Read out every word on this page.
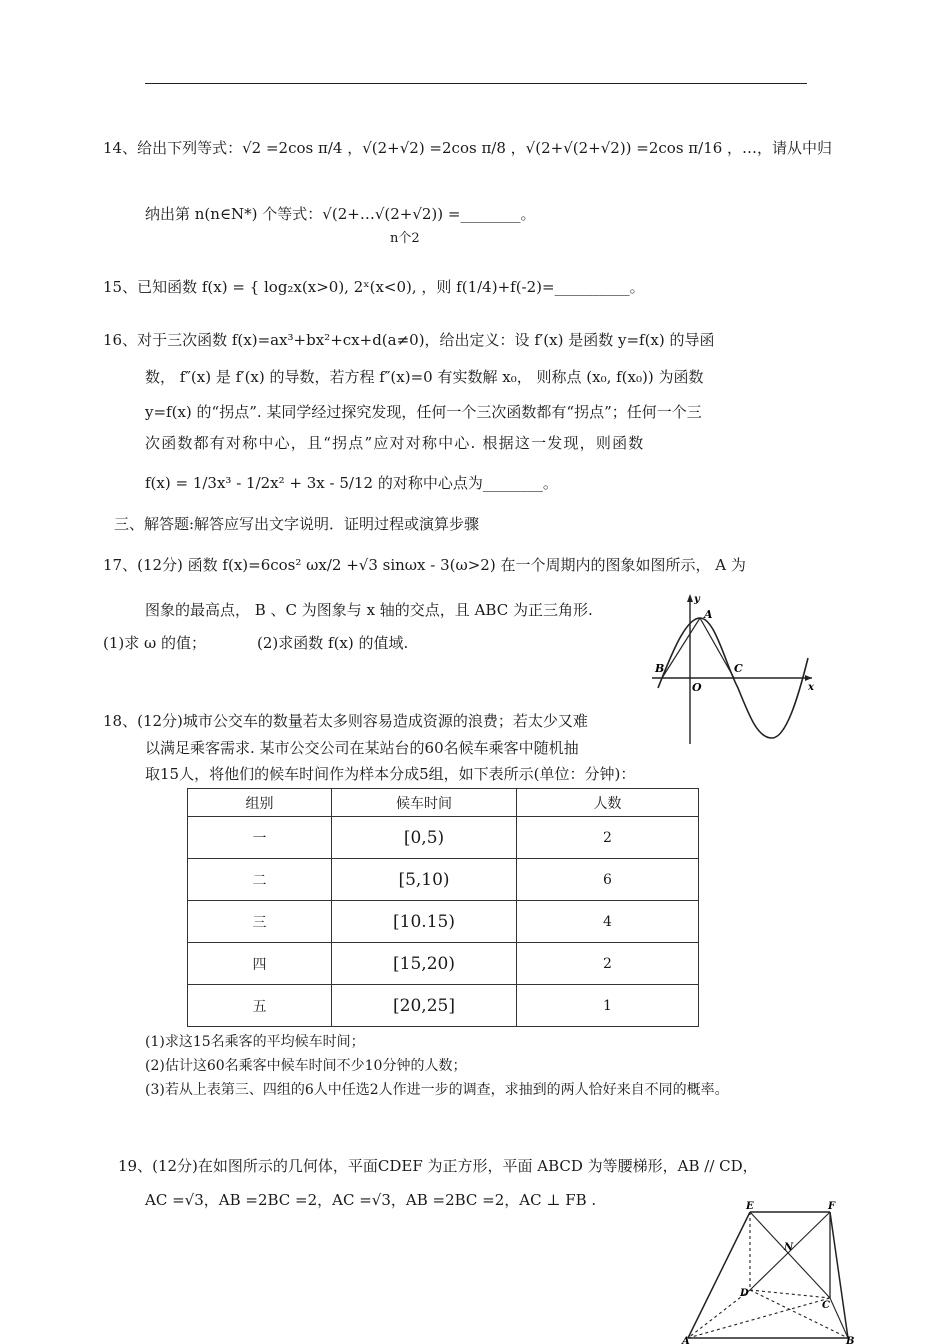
14、给出下列等式：√2 =2cos π/4 ，√(2+√2) =2cos π/8 ，√(2+√(2+√2)) =2cos π/16 ，…，请从中归
纳出第 n(n∈N*) 个等式：√(2+…√(2+√2)) =________。
n个2
15、已知函数 f(x) = { log₂x(x>0), 2ˣ(x<0), ，则 f(1/4)+f(-2)=__________。
16、对于三次函数 f(x)=ax³+bx²+cx+d(a≠0)，给出定义：设 f′(x) 是函数 y=f(x) 的导函
数， f″(x) 是 f′(x) 的导数，若方程 f″(x)=0 有实数解 x₀， 则称点 (x₀, f(x₀)) 为函数
y=f(x) 的“拐点”. 某同学经过探究发现，任何一个三次函数都有“拐点”；任何一个三
次函数都有对称中心，且“拐点”应对对称中心. 根据这一发现，则函数
f(x) = 1/3x³ - 1/2x² + 3x - 5/12 的对称中心点为________。
三、解答题:解答应写出文字说明．证明过程或演算步骤
17、(12分) 函数 f(x)=6cos² ωx/2 +√3 sinωx - 3(ω>2) 在一个周期内的图象如图所示， A 为
图象的最高点， B 、C 为图象与 x 轴的交点，且 ABC 为正三角形.
(1)求 ω 的值；	(2)求函数 f(x) 的值域.
A
B	C
O
y
x
18、(12分)城市公交车的数量若太多则容易造成资源的浪费；若太少又难
以满足乘客需求. 某市公交公司在某站台的60名候车乘客中随机抽
取15人，将他们的候车时间作为样本分成5组，如下表所示(单位：分钟)：
组别	候车时间	人数
一	[0,5)	2
二	[5,10)	6
三	[10.15)	4
四	[15,20)	2
五	[20,25]	1
(1)求这15名乘客的平均候车时间；
(2)估计这60名乘客中候车时间不少10分钟的人数；
(3)若从上表第三、四组的6人中任选2人作进一步的调查，求抽到的两人恰好来自不同的概率。
19、(12分)在如图所示的几何体，平面CDEF 为正方形，平面 ABCD 为等腰梯形，AB // CD，
AC =√3，AB =2BC =2，AC =√3，AB =2BC =2，AC ⊥ FB .	E	F
N
D
C
A	B
